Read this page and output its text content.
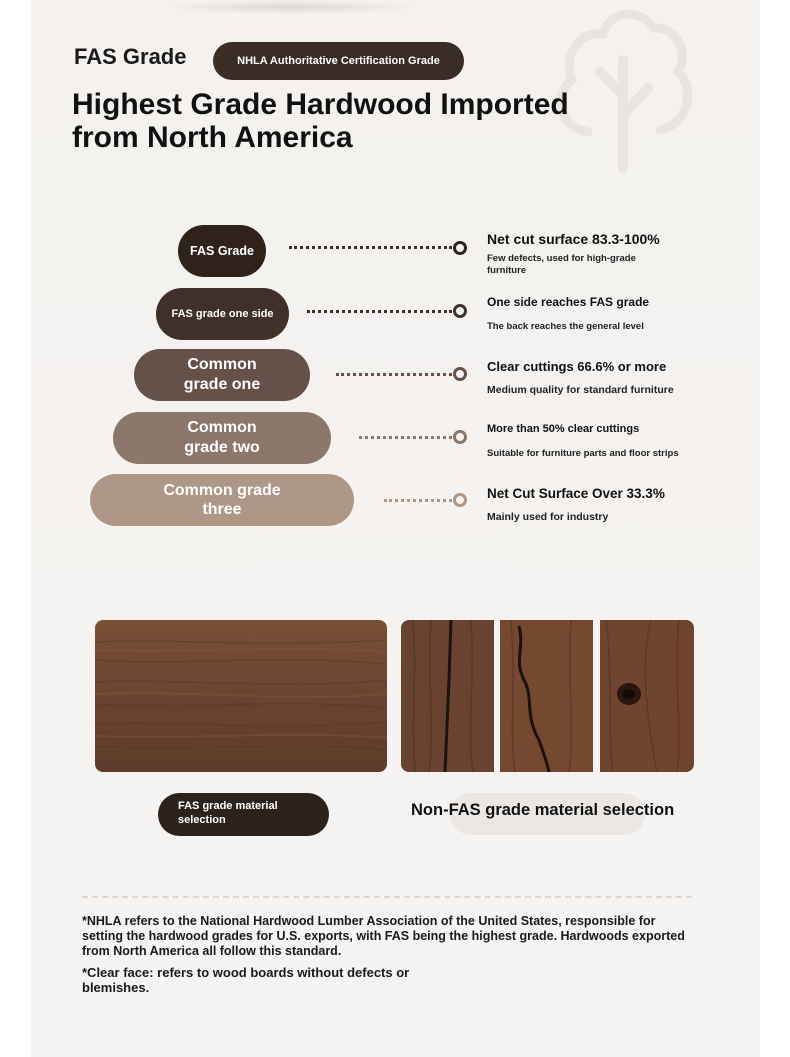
FAS Grade	NHLA Authoritative Certification Grade
Highest Grade Hardwood Imported
from North America
FAS Grade
Net cut surface 83.3-100%
Few defects, used for high-grade
furniture
FAS grade one side
One side reaches FAS grade
The back reaches the general level
Common
grade one
Clear cuttings 66.6% or more
Medium quality for standard furniture
Common
grade two
More than 50% clear cuttings
Suitable for furniture parts and floor strips
Common grade
three
Net Cut Surface Over 33.3%
Mainly used for industry
FAS grade material
selection
Non-FAS grade material selection
*NHLA refers to the National Hardwood Lumber Association of the United States, responsible for
setting the hardwood grades for U.S. exports, with FAS being the highest grade. Hardwoods exported
from North America all follow this standard.
*Clear face: refers to wood boards without defects or
blemishes.
